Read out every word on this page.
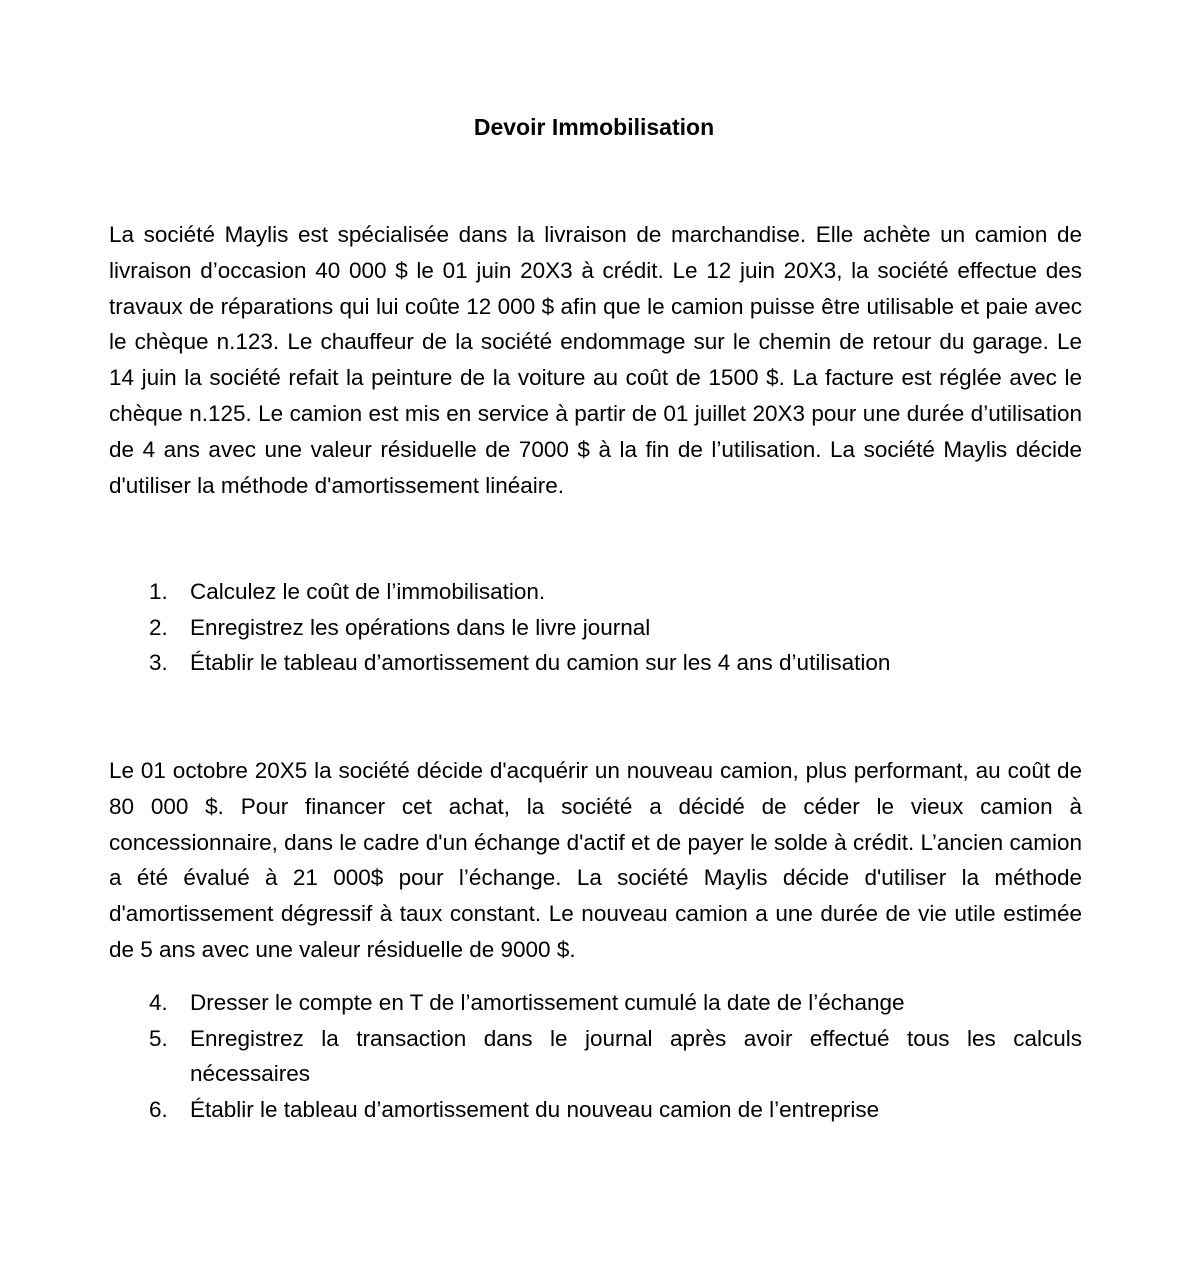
Devoir Immobilisation

La société Maylis est spécialisée dans la livraison de marchandise. Elle achète un camion de livraison d’occasion 40 000 $ le 01 juin 20X3 à crédit. Le 12 juin 20X3, la société effectue des travaux de réparations qui lui coûte 12 000 $ afin que le camion puisse être utilisable et paie avec le chèque n.123. Le chauffeur de la société endommage sur le chemin de retour du garage. Le 14 juin la société refait la peinture de la voiture au coût de 1500 $. La facture est réglée avec le chèque n.125. Le camion est mis en service à partir de 01 juillet 20X3 pour une durée d’utilisation de 4 ans avec une valeur résiduelle de 7000 $ à la fin de l’utilisation. La société Maylis décide d'utiliser la méthode d'amortissement linéaire.

1. Calculez le coût de l’immobilisation.
2. Enregistrez les opérations dans le livre journal
3. Établir le tableau d’amortissement du camion sur les 4 ans d’utilisation

Le 01 octobre 20X5 la société décide d'acquérir un nouveau camion, plus performant, au coût de 80 000 $. Pour financer cet achat, la société a décidé de céder le vieux camion à concessionnaire, dans le cadre d'un échange d'actif et de payer le solde à crédit. L’ancien camion a été évalué à 21 000$ pour l’échange. La société Maylis décide d'utiliser la méthode d'amortissement dégressif à taux constant. Le nouveau camion a une durée de vie utile estimée de 5 ans avec une valeur résiduelle de 9000 $.

4. Dresser le compte en T de l’amortissement cumulé la date de l’échange
5. Enregistrez la transaction dans le journal après avoir effectué tous les calculs nécessaires
6. Établir le tableau d’amortissement du nouveau camion de l’entreprise
